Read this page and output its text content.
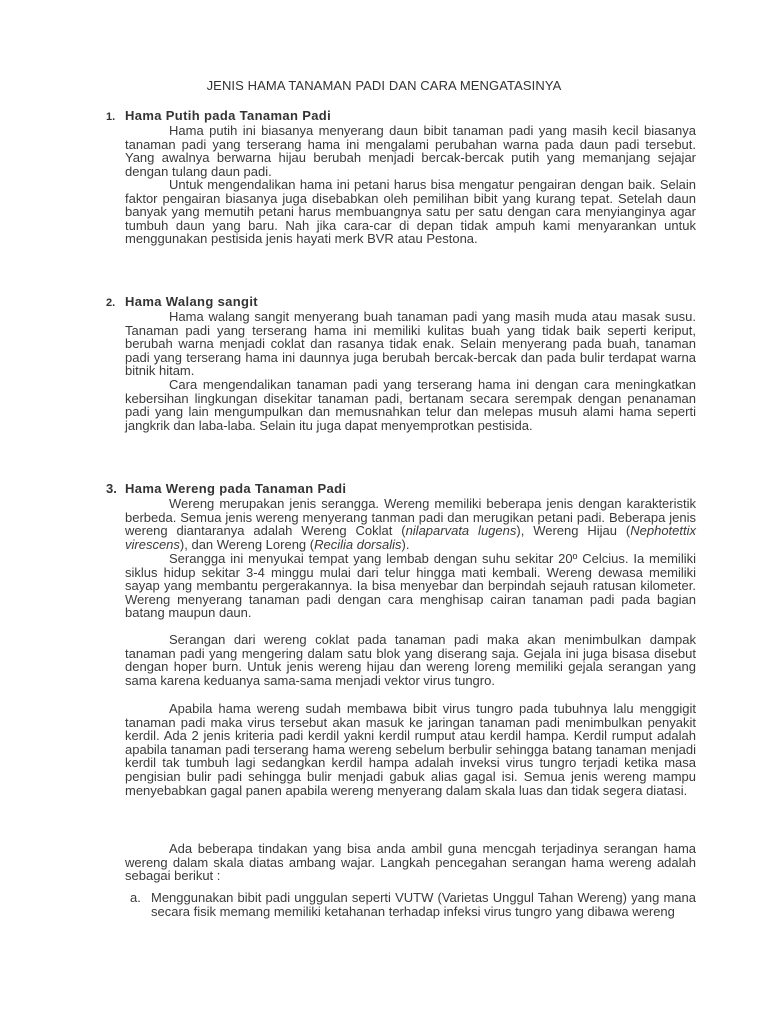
JENIS HAMA TANAMAN PADI DAN CARA MENGATASINYA
1. Hama Putih pada Tanaman Padi

Hama putih ini biasanya menyerang daun bibit tanaman padi yang masih kecil biasanya tanaman padi yang terserang hama ini mengalami perubahan warna pada daun padi tersebut. Yang awalnya berwarna hijau berubah menjadi bercak-bercak putih yang memanjang sejajar dengan tulang daun padi.

Untuk mengendalikan hama ini petani harus bisa mengatur pengairan dengan baik. Selain faktor pengairan biasanya juga disebabkan oleh pemilihan bibit yang kurang tepat. Setelah daun banyak yang memutih petani harus membuangnya satu per satu dengan cara menyianginya agar tumbuh daun yang baru. Nah jika cara-car di depan tidak ampuh kami menyarankan untuk menggunakan pestisida jenis hayati merk BVR atau Pestona.

2. Hama Walang sangit

Hama walang sangit menyerang buah tanaman padi yang masih muda atau masak susu. Tanaman padi yang terserang hama ini memiliki kulitas buah yang tidak baik seperti keriput, berubah warna menjadi coklat dan rasanya tidak enak. Selain menyerang pada buah, tanaman padi yang terserang hama ini daunnya juga berubah bercak-bercak dan pada bulir terdapat warna bitnik hitam.

Cara mengendalikan tanaman padi yang terserang hama ini dengan cara meningkatkan kebersihan lingkungan disekitar tanaman padi, bertanam secara serempak dengan penanaman padi yang lain mengumpulkan dan memusnahkan telur dan melepas musuh alami hama seperti jangkrik dan laba-laba. Selain itu juga dapat menyemprotkan pestisida.

3. Hama Wereng pada Tanaman Padi

Wereng merupakan jenis serangga. Wereng memiliki beberapa jenis dengan karakteristik berbeda. Semua jenis wereng menyerang tanman padi dan merugikan petani padi. Beberapa jenis wereng diantaranya adalah Wereng Coklat (nilaparvata lugens), Wereng Hijau (Nephotettix virescens), dan Wereng Loreng (Recilia dorsalis).

Serangga ini menyukai tempat yang lembab dengan suhu sekitar 20º Celcius. Ia memiliki siklus hidup sekitar 3-4 minggu mulai dari telur hingga mati kembali. Wereng dewasa memiliki sayap yang membantu pergerakannya. Ia bisa menyebar dan berpindah sejauh ratusan kilometer. Wereng menyerang tanaman padi dengan cara menghisap cairan tanaman padi pada bagian batang maupun daun.

Serangan dari wereng coklat pada tanaman padi maka akan menimbulkan dampak tanaman padi yang mengering dalam satu blok yang diserang saja. Gejala ini juga bisasa disebut dengan hoper burn. Untuk jenis wereng hijau dan wereng loreng memiliki gejala serangan yang sama karena keduanya sama-sama menjadi vektor virus tungro.

Apabila hama wereng sudah membawa bibit virus tungro pada tubuhnya lalu menggigit tanaman padi maka virus tersebut akan masuk ke jaringan tanaman padi menimbulkan penyakit kerdil. Ada 2 jenis kriteria padi kerdil yakni kerdil rumput atau kerdil hampa. Kerdil rumput adalah apabila tanaman padi terserang hama wereng sebelum berbulir sehingga batang tanaman menjadi kerdil tak tumbuh lagi sedangkan kerdil hampa adalah inveksi virus tungro terjadi ketika masa pengisian bulir padi sehingga bulir menjadi gabuk alias gagal isi. Semua jenis wereng mampu menyebabkan gagal panen apabila wereng menyerang dalam skala luas dan tidak segera diatasi.

Ada beberapa tindakan yang bisa anda ambil guna mencgah terjadinya serangan hama wereng dalam skala diatas ambang wajar. Langkah pencegahan serangan hama wereng adalah sebagai berikut :

a. Menggunakan bibit padi unggulan seperti VUTW (Varietas Unggul Tahan Wereng) yang mana secara fisik memang memiliki ketahanan terhadap infeksi virus tungro yang dibawa wereng
